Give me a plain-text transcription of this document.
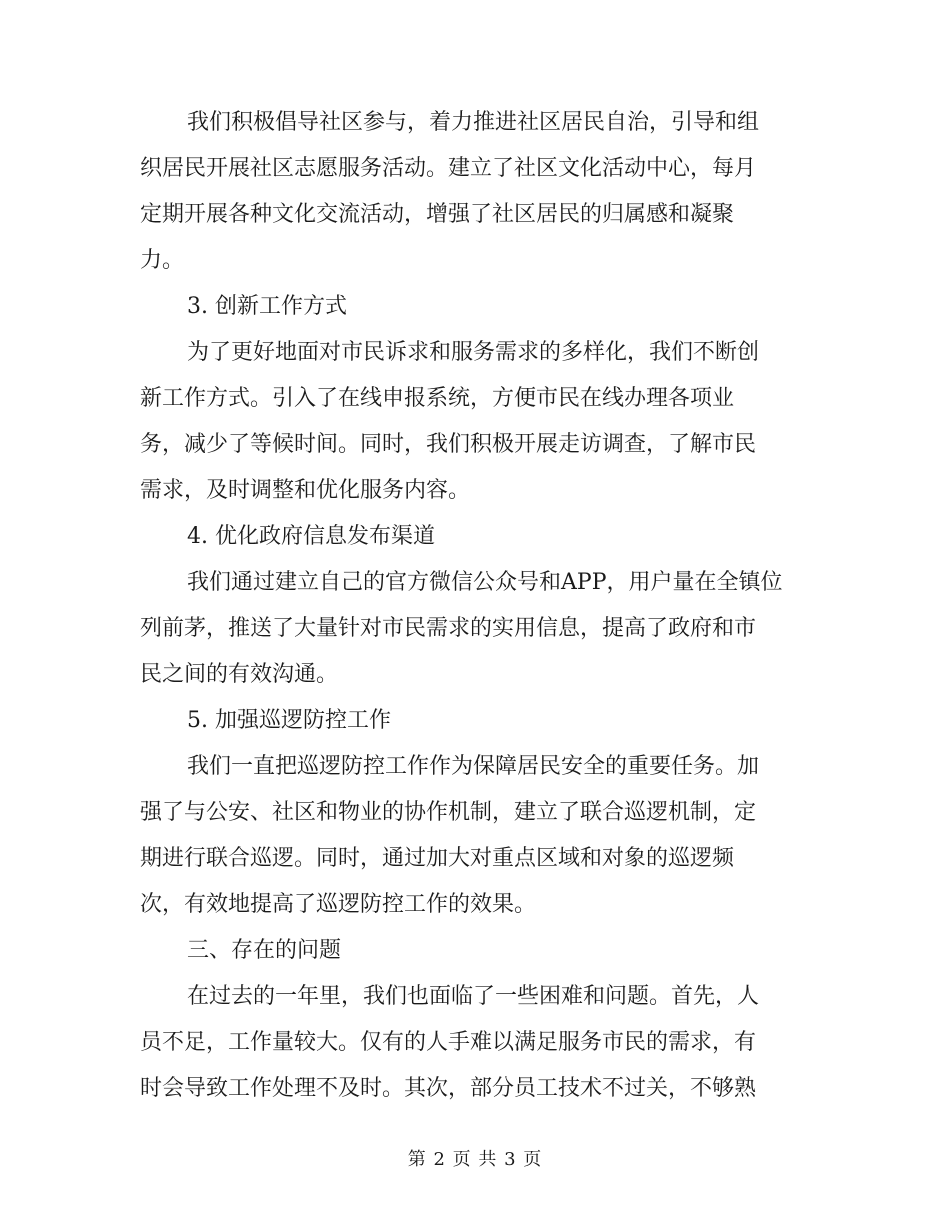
我们积极倡导社区参与，着力推进社区居民自治，引导和组
织居民开展社区志愿服务活动。建立了社区文化活动中心，每月
定期开展各种文化交流活动，增强了社区居民的归属感和凝聚
力。
3. 创新工作方式
为了更好地面对市民诉求和服务需求的多样化，我们不断创
新工作方式。引入了在线申报系统，方便市民在线办理各项业
务，减少了等候时间。同时，我们积极开展走访调查，了解市民
需求，及时调整和优化服务内容。
4. 优化政府信息发布渠道
我们通过建立自己的官方微信公众号和APP，用户量在全镇位
列前茅，推送了大量针对市民需求的实用信息，提高了政府和市
民之间的有效沟通。
5. 加强巡逻防控工作
我们一直把巡逻防控工作作为保障居民安全的重要任务。加
强了与公安、社区和物业的协作机制，建立了联合巡逻机制，定
期进行联合巡逻。同时，通过加大对重点区域和对象的巡逻频
次，有效地提高了巡逻防控工作的效果。
三、存在的问题
在过去的一年里，我们也面临了一些困难和问题。首先，人
员不足，工作量较大。仅有的人手难以满足服务市民的需求，有
时会导致工作处理不及时。其次，部分员工技术不过关，不够熟
第 2 页 共 3 页
